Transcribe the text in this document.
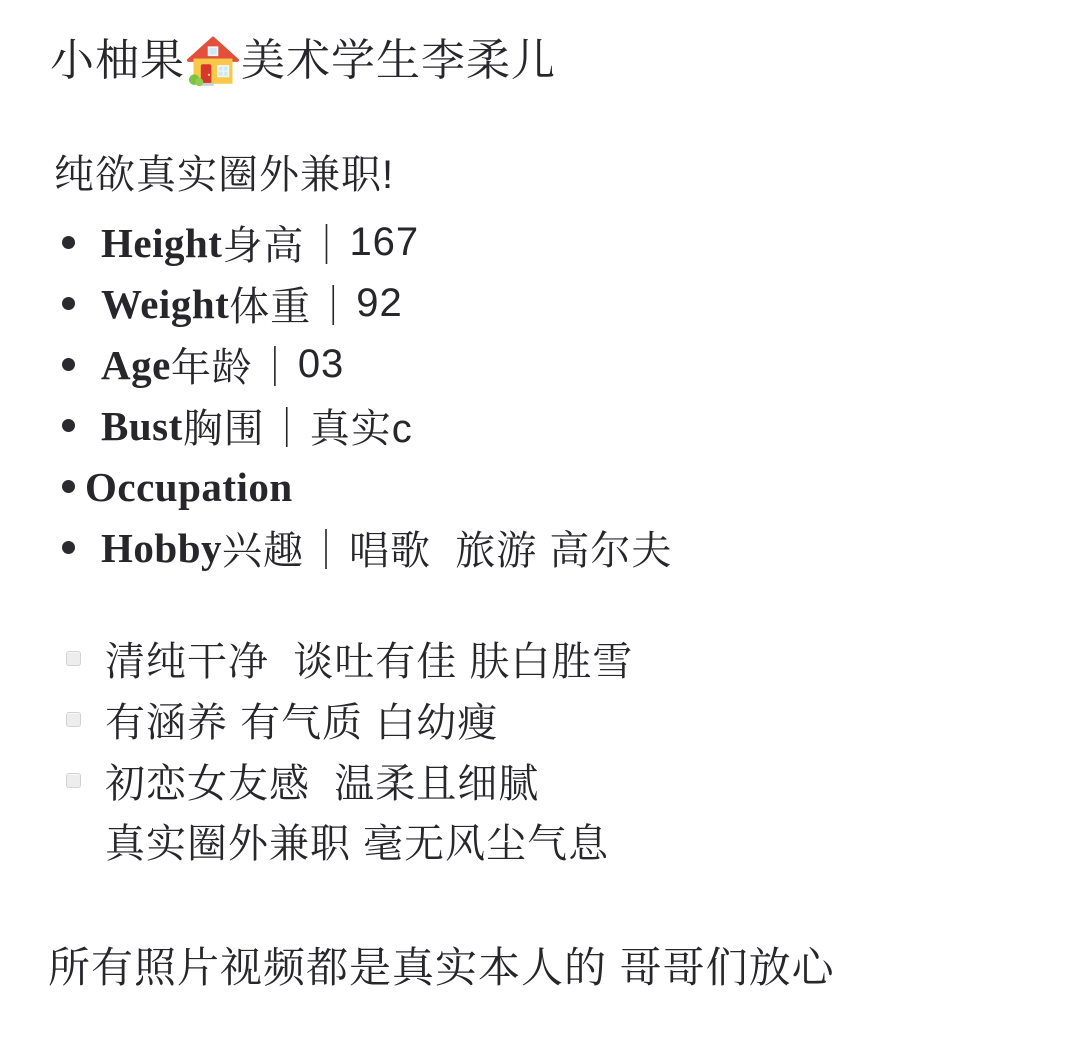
小柚果 美术学生李柔儿

纯欲真实圈外兼职!

Height 身高 ｜ 167
Weight 体重 ｜ 92
Age 年龄 ｜ 03
Bust 胸围 ｜ 真实c
Occupation
Hobby 兴趣 ｜ 唱歌  旅游 高尔夫
清纯干净  谈吐有佳 肤白胜雪
有涵养 有气质 白幼瘦
初恋女友感  温柔且细腻
真实圈外兼职 毫无风尘气息

所有照片视频都是真实本人的 哥哥们放心
